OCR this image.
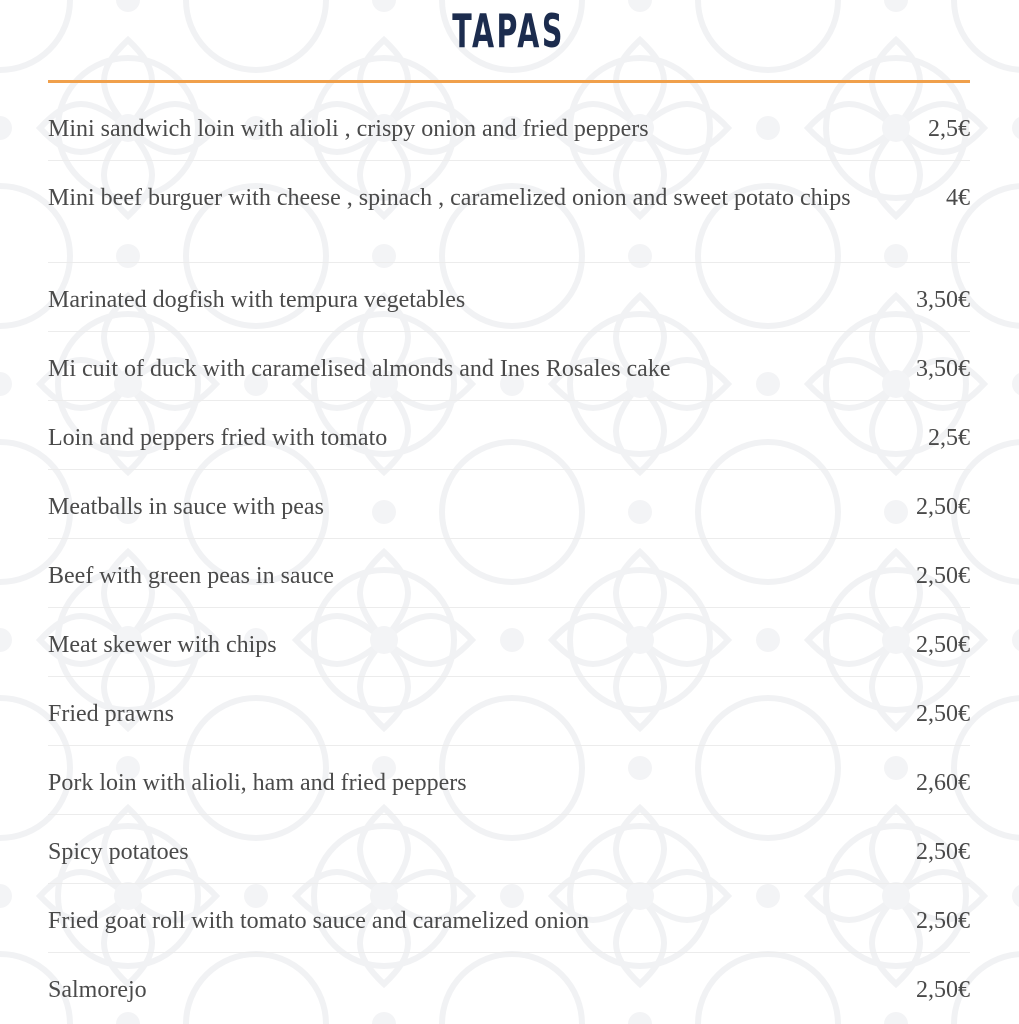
TAPAS
Mini sandwich loin with alioli , crispy onion and fried peppers	2,5€
Mini beef burguer with cheese , spinach , caramelized onion and sweet potato chips	4€
Marinated dogfish with tempura vegetables	3,50€
Mi cuit of duck with caramelised almonds and Ines Rosales cake	3,50€
Loin and peppers fried with tomato	2,5€
Meatballs in sauce with peas	2,50€
Beef with green peas in sauce	2,50€
Meat skewer with chips	2,50€
Fried prawns	2,50€
Pork loin with alioli, ham and fried peppers	2,60€
Spicy potatoes	2,50€
Fried goat roll with tomato sauce and caramelized onion	2,50€
Salmorejo	2,50€
